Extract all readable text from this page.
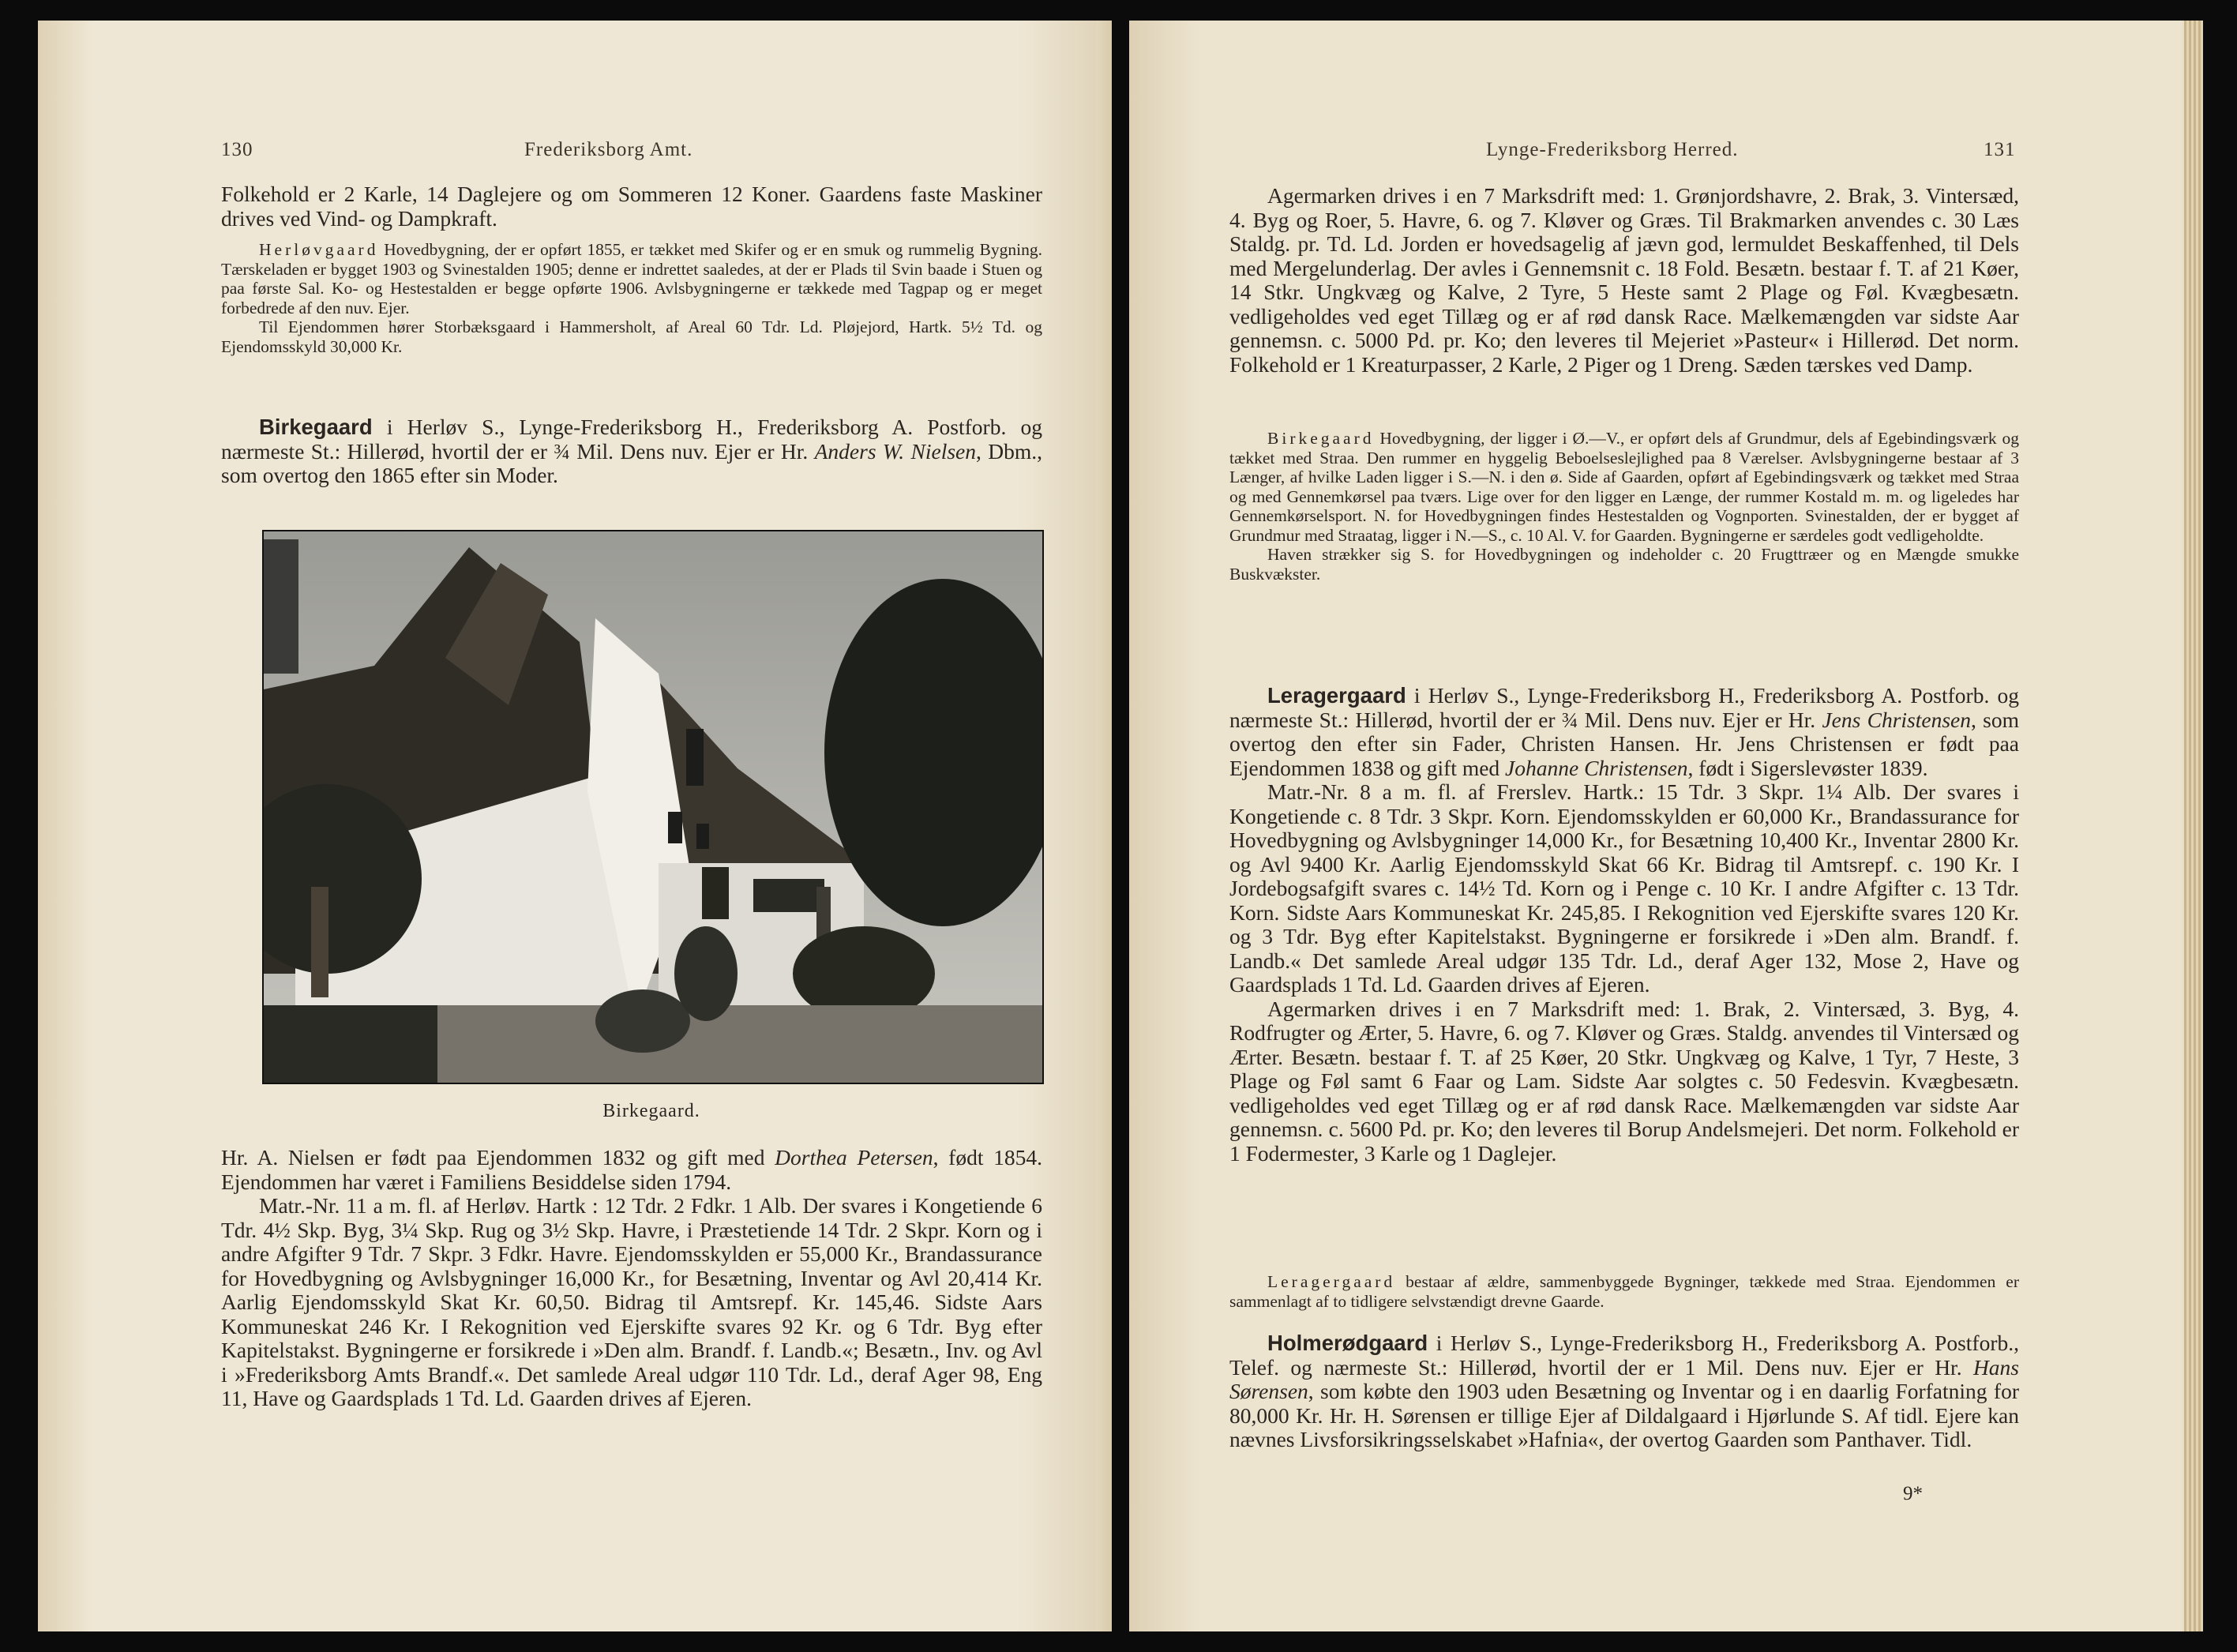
130	Frederiksborg Amt.

Folkehold er 2 Karle, 14 Daglejere og om Sommeren 12 Koner. Gaardens faste Maskiner drives ved Vind- og Dampkraft.

Herløvgaard Hovedbygning, der er opført 1855, er tækket med Skifer og er en smuk og rummelig Bygning. Tærskeladen er bygget 1903 og Svinestalden 1905; denne er indrettet saaledes, at der er Plads til Svin baade i Stuen og paa første Sal. Ko- og Hestestalden er begge opførte 1906. Avlsbygningerne er tækkede med Tagpap og er meget forbedrede af den nuv. Ejer.

Til Ejendommen hører Storbæksgaard i Hammersholt, af Areal 60 Tdr. Ld. Pløjejord, Hartk. 5½ Td. og Ejendomsskyld 30,000 Kr.

Birkegaard i Herløv S., Lynge-Frederiksborg H., Frederiksborg A. Postforb. og nærmeste St.: Hillerød, hvortil der er ¾ Mil. Dens nuv. Ejer er Hr. Anders W. Nielsen, Dbm., som overtog den 1865 efter sin Moder.

Birkegaard.

Hr. A. Nielsen er født paa Ejendommen 1832 og gift med Dorthea Petersen, født 1854. Ejendommen har været i Familiens Besiddelse siden 1794.

Matr.-Nr. 11 a m. fl. af Herløv. Hartk : 12 Tdr. 2 Fdkr. 1 Alb. Der svares i Kongetiende 6 Tdr. 4½ Skp. Byg, 3¼ Skp. Rug og 3½ Skp. Havre, i Præstetiende 14 Tdr. 2 Skpr. Korn og i andre Afgifter 9 Tdr. 7 Skpr. 3 Fdkr. Havre. Ejendomsskylden er 55,000 Kr., Brandassurance for Hovedbygning og Avlsbygninger 16,000 Kr., for Besætning, Inventar og Avl 20,414 Kr. Aarlig Ejendomsskyld Skat Kr. 60,50. Bidrag til Amtsrepf. Kr. 145,46. Sidste Aars Kommuneskat 246 Kr. I Rekognition ved Ejerskifte svares 92 Kr. og 6 Tdr. Byg efter Kapitelstakst. Bygningerne er forsikrede i »Den alm. Brandf. f. Landb.«; Besætn., Inv. og Avl i »Frederiksborg Amts Brandf.«. Det samlede Areal udgør 110 Tdr. Ld., deraf Ager 98, Eng 11, Have og Gaardsplads 1 Td. Ld. Gaarden drives af Ejeren.

Lynge-Frederiksborg Herred.	131

Agermarken drives i en 7 Marksdrift med: 1. Grønjordshavre, 2. Brak, 3. Vintersæd, 4. Byg og Roer, 5. Havre, 6. og 7. Kløver og Græs. Til Brakmarken anvendes c. 30 Læs Staldg. pr. Td. Ld. Jorden er hovedsagelig af jævn god, lermuldet Beskaffenhed, til Dels med Mergelunderlag. Der avles i Gennemsnit c. 18 Fold. Besætn. bestaar f. T. af 21 Køer, 14 Stkr. Ungkvæg og Kalve, 2 Tyre, 5 Heste samt 2 Plage og Føl. Kvægbesætn. vedligeholdes ved eget Tillæg og er af rød dansk Race. Mælkemængden var sidste Aar gennemsn. c. 5000 Pd. pr. Ko; den leveres til Mejeriet »Pasteur« i Hillerød. Det norm. Folkehold er 1 Kreaturpasser, 2 Karle, 2 Piger og 1 Dreng. Sæden tærskes ved Damp.

Birkegaard Hovedbygning, der ligger i Ø.—V., er opført dels af Grundmur, dels af Egebindingsværk og tækket med Straa. Den rummer en hyggelig Beboelseslejlighed paa 8 Værelser. Avlsbygningerne bestaar af 3 Længer, af hvilke Laden ligger i S.—N. i den ø. Side af Gaarden, opført af Egebindingsværk og tækket med Straa og med Gennemkørsel paa tværs. Lige over for den ligger en Længe, der rummer Kostald m. m. og ligeledes har Gennemkørselsport. N. for Hovedbygningen findes Hestestalden og Vognporten. Svinestalden, der er bygget af Grundmur med Straatag, ligger i N.—S., c. 10 Al. V. for Gaarden. Bygningerne er særdeles godt vedligeholdte.

Haven strækker sig S. for Hovedbygningen og indeholder c. 20 Frugttræer og en Mængde smukke Buskvækster.

Leragergaard i Herløv S., Lynge-Frederiksborg H., Frederiksborg A. Postforb. og nærmeste St.: Hillerød, hvortil der er ¾ Mil. Dens nuv. Ejer er Hr. Jens Christensen, som overtog den efter sin Fader, Christen Hansen. Hr. Jens Christensen er født paa Ejendommen 1838 og gift med Johanne Christensen, født i Sigerslevøster 1839.

Matr.-Nr. 8 a m. fl. af Frerslev. Hartk.: 15 Tdr. 3 Skpr. 1¼ Alb. Der svares i Kongetiende c. 8 Tdr. 3 Skpr. Korn. Ejendomsskylden er 60,000 Kr., Brandassurance for Hovedbygning og Avlsbygninger 14,000 Kr., for Besætning 10,400 Kr., Inventar 2800 Kr. og Avl 9400 Kr. Aarlig Ejendomsskyld Skat 66 Kr. Bidrag til Amtsrepf. c. 190 Kr. I Jordebogsafgift svares c. 14½ Td. Korn og i Penge c. 10 Kr. I andre Afgifter c. 13 Tdr. Korn. Sidste Aars Kommuneskat Kr. 245,85. I Rekognition ved Ejerskifte svares 120 Kr. og 3 Tdr. Byg efter Kapitelstakst. Bygningerne er forsikrede i »Den alm. Brandf. f. Landb.« Det samlede Areal udgør 135 Tdr. Ld., deraf Ager 132, Mose 2, Have og Gaardsplads 1 Td. Ld. Gaarden drives af Ejeren.

Agermarken drives i en 7 Marksdrift med: 1. Brak, 2. Vintersæd, 3. Byg, 4. Rodfrugter og Ærter, 5. Havre, 6. og 7. Kløver og Græs. Staldg. anvendes til Vintersæd og Ærter. Besætn. bestaar f. T. af 25 Køer, 20 Stkr. Ungkvæg og Kalve, 1 Tyr, 7 Heste, 3 Plage og Føl samt 6 Faar og Lam. Sidste Aar solgtes c. 50 Fedesvin. Kvægbesætn. vedligeholdes ved eget Tillæg og er af rød dansk Race. Mælkemængden var sidste Aar gennemsn. c. 5600 Pd. pr. Ko; den leveres til Borup Andelsmejeri. Det norm. Folkehold er 1 Fodermester, 3 Karle og 1 Daglejer.

Leragergaard bestaar af ældre, sammenbyggede Bygninger, tækkede med Straa. Ejendommen er sammenlagt af to tidligere selvstændigt drevne Gaarde.

Holmerødgaard i Herløv S., Lynge-Frederiksborg H., Frederiksborg A. Postforb., Telef. og nærmeste St.: Hillerød, hvortil der er 1 Mil. Dens nuv. Ejer er Hr. Hans Sørensen, som købte den 1903 uden Besætning og Inventar og i en daarlig Forfatning for 80,000 Kr. Hr. H. Sørensen er tillige Ejer af Dildalgaard i Hjørlunde S. Af tidl. Ejere kan nævnes Livsforsikringsselskabet »Hafnia«, der overtog Gaarden som Panthaver. Tidl.

9*
